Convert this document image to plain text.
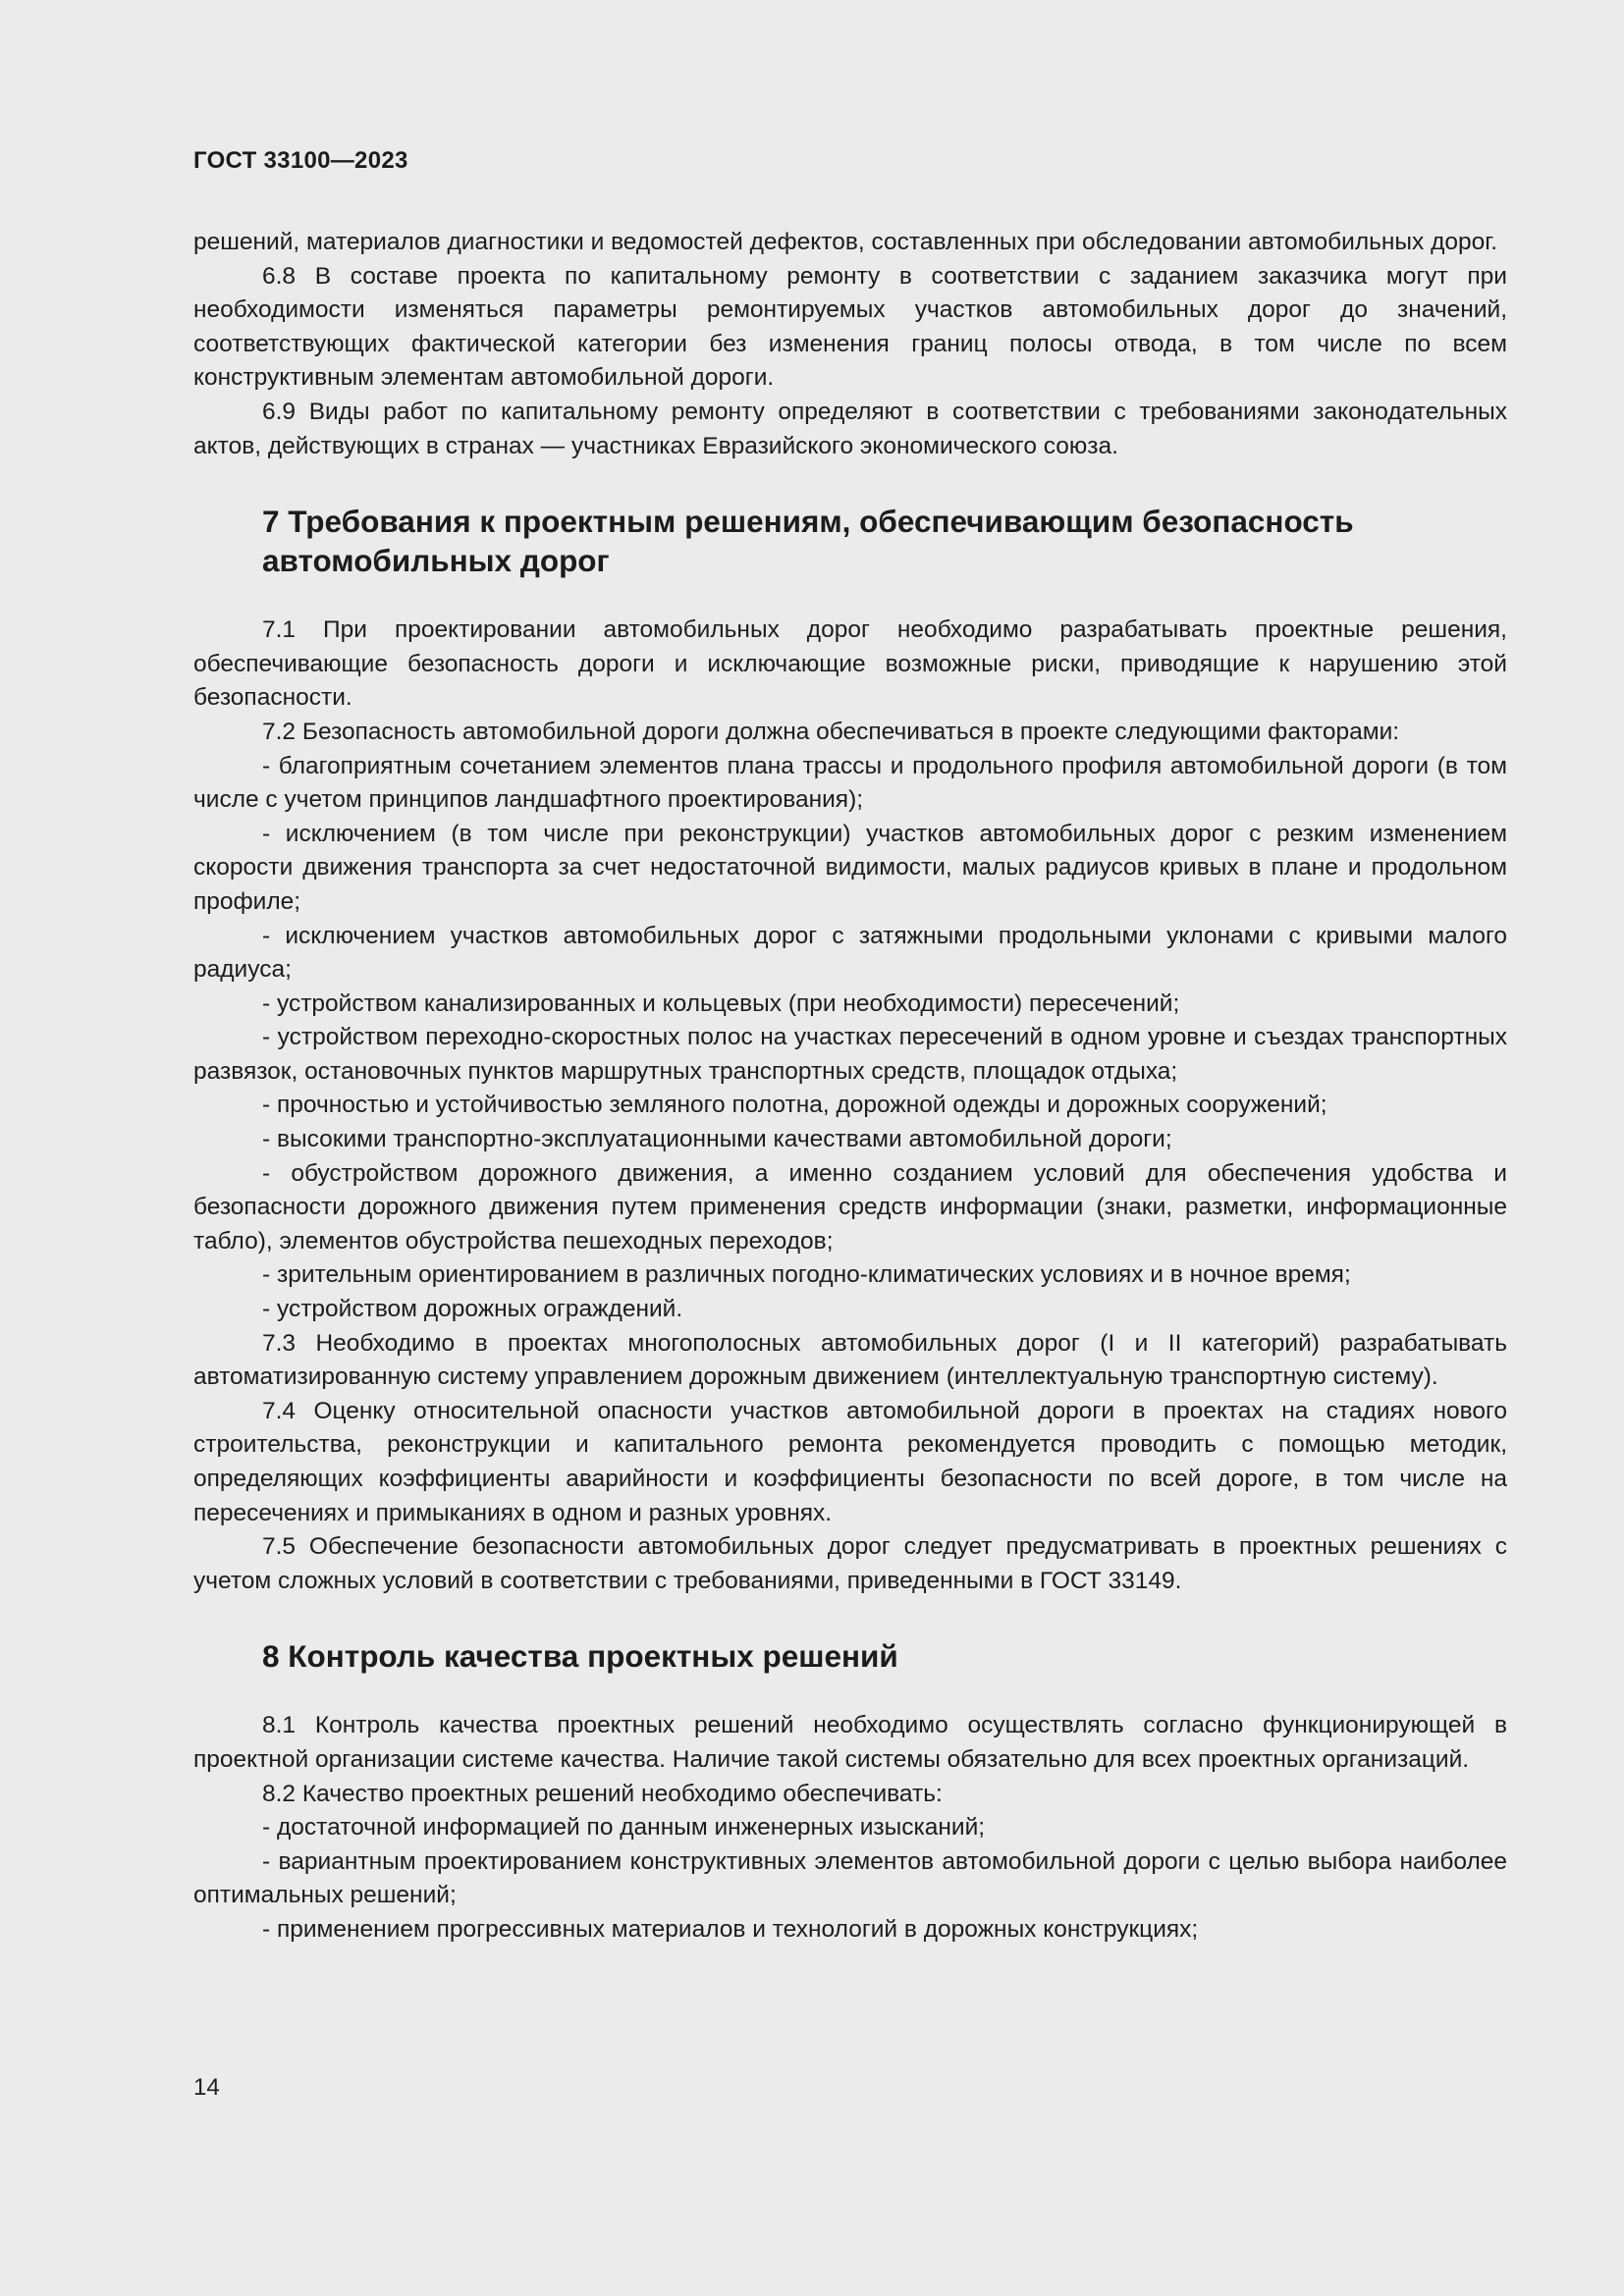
ГОСТ 33100—2023

решений, материалов диагностики и ведомостей дефектов, составленных при обследовании автомобильных дорог.

6.8 В составе проекта по капитальному ремонту в соответствии с заданием заказчика могут при необходимости изменяться параметры ремонтируемых участков автомобильных дорог до значений, соответствующих фактической категории без изменения границ полосы отвода, в том числе по всем конструктивным элементам автомобильной дороги.

6.9 Виды работ по капитальному ремонту определяют в соответствии с требованиями законодательных актов, действующих в странах — участниках Евразийского экономического союза.

7 Требования к проектным решениям, обеспечивающим безопасность автомобильных дорог

7.1 При проектировании автомобильных дорог необходимо разрабатывать проектные решения, обеспечивающие безопасность дороги и исключающие возможные риски, приводящие к нарушению этой безопасности.

7.2 Безопасность автомобильной дороги должна обеспечиваться в проекте следующими факторами:

- благоприятным сочетанием элементов плана трассы и продольного профиля автомобильной дороги (в том числе с учетом принципов ландшафтного проектирования);

- исключением (в том числе при реконструкции) участков автомобильных дорог с резким изменением скорости движения транспорта за счет недостаточной видимости, малых радиусов кривых в плане и продольном профиле;

- исключением участков автомобильных дорог с затяжными продольными уклонами с кривыми малого радиуса;

- устройством канализированных и кольцевых (при необходимости) пересечений;

- устройством переходно-скоростных полос на участках пересечений в одном уровне и съездах транспортных развязок, остановочных пунктов маршрутных транспортных средств, площадок отдыха;

- прочностью и устойчивостью земляного полотна, дорожной одежды и дорожных сооружений;

- высокими транспортно-эксплуатационными качествами автомобильной дороги;

- обустройством дорожного движения, а именно созданием условий для обеспечения удобства и безопасности дорожного движения путем применения средств информации (знаки, разметки, информационные табло), элементов обустройства пешеходных переходов;

- зрительным ориентированием в различных погодно-климатических условиях и в ночное время;

- устройством дорожных ограждений.

7.3 Необходимо в проектах многополосных автомобильных дорог (I и II категорий) разрабатывать автоматизированную систему управлением дорожным движением (интеллектуальную транспортную систему).

7.4 Оценку относительной опасности участков автомобильной дороги в проектах на стадиях нового строительства, реконструкции и капитального ремонта рекомендуется проводить с помощью методик, определяющих коэффициенты аварийности и коэффициенты безопасности по всей дороге, в том числе на пересечениях и примыканиях в одном и разных уровнях.

7.5 Обеспечение безопасности автомобильных дорог следует предусматривать в проектных решениях с учетом сложных условий в соответствии с требованиями, приведенными в ГОСТ 33149.

8 Контроль качества проектных решений

8.1 Контроль качества проектных решений необходимо осуществлять согласно функционирующей в проектной организации системе качества. Наличие такой системы обязательно для всех проектных организаций.

8.2 Качество проектных решений необходимо обеспечивать:

- достаточной информацией по данным инженерных изысканий;

- вариантным проектированием конструктивных элементов автомобильной дороги с целью выбора наиболее оптимальных решений;

- применением прогрессивных материалов и технологий в дорожных конструкциях;

14
